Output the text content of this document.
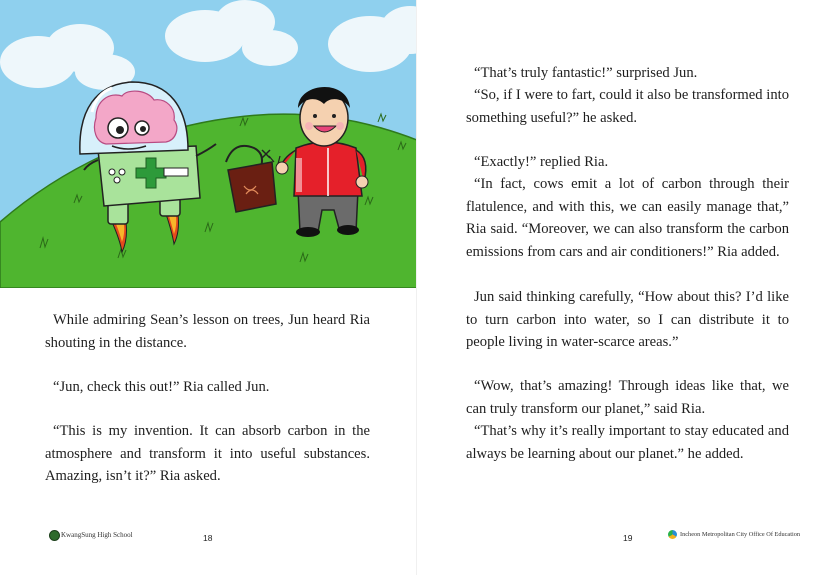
While admiring Sean’s lesson on trees, Jun heard Ria shouting in the distance.

“Jun, check this out!” Ria called Jun.

“This is my invention. It can absorb carbon in the atmosphere and transform it into useful substances. Amazing, isn’t it?” Ria asked.

KwangSung High School	18

“That’s truly fantastic!” surprised Jun.

“So, if I were to fart, could it also be transformed into something useful?” he asked.

“Exactly!” replied Ria.

“In fact, cows emit a lot of carbon through their flatulence, and with this, we can easily manage that,” Ria said. “Moreover, we can also transform the carbon emissions from cars and air conditioners!” Ria added.

Jun said thinking carefully, “How about this? I’d like to turn carbon into water, so I can distribute it to people living in water-scarce areas.”

“Wow, that’s amazing! Through ideas like that, we can truly transform our planet,” said Ria.

“That’s why it’s really important to stay educated and always be learning about our planet.” he added.

19	Incheon Metropolitan City Office Of Education
